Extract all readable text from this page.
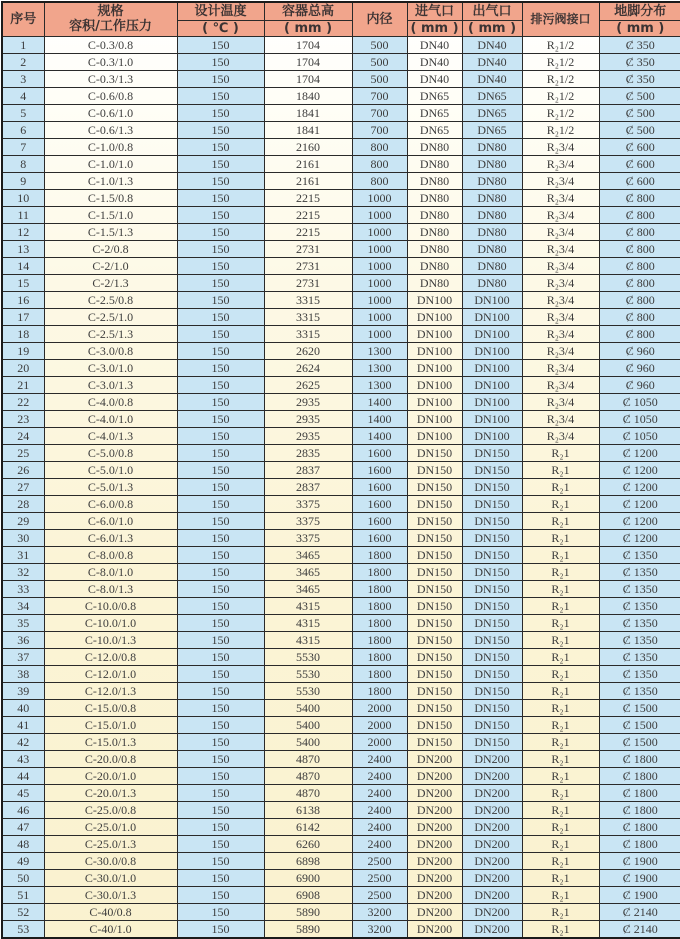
序号	规格
容积/工作压力	设计温度	容器总高	内径	进气口	出气口	排污阀接口	地脚分布
		( ℃ )	( mm )		( mm )	( mm )		( mm )
1	C-0.3/0.8	150	1704	500	DN40	DN40	R₂1/2	Ȼ 350
2	C-0.3/1.0	150	1704	500	DN40	DN40	R₂1/2	Ȼ 350
3	C-0.3/1.3	150	1704	500	DN40	DN40	R₂1/2	Ȼ 350
4	C-0.6/0.8	150	1840	700	DN65	DN65	R₂1/2	Ȼ 500
5	C-0.6/1.0	150	1841	700	DN65	DN65	R₂1/2	Ȼ 500
6	C-0.6/1.3	150	1841	700	DN65	DN65	R₂1/2	Ȼ 500
7	C-1.0/0.8	150	2160	800	DN80	DN80	R₂3/4	Ȼ 600
8	C-1.0/1.0	150	2161	800	DN80	DN80	R₂3/4	Ȼ 600
9	C-1.0/1.3	150	2161	800	DN80	DN80	R₂3/4	Ȼ 600
10	C-1.5/0.8	150	2215	1000	DN80	DN80	R₂3/4	Ȼ 800
11	C-1.5/1.0	150	2215	1000	DN80	DN80	R₂3/4	Ȼ 800
12	C-1.5/1.3	150	2215	1000	DN80	DN80	R₂3/4	Ȼ 800
13	C-2/0.8	150	2731	1000	DN80	DN80	R₂3/4	Ȼ 800
14	C-2/1.0	150	2731	1000	DN80	DN80	R₂3/4	Ȼ 800
15	C-2/1.3	150	2731	1000	DN80	DN80	R₂3/4	Ȼ 800
16	C-2.5/0.8	150	3315	1000	DN100	DN100	R₂3/4	Ȼ 800
17	C-2.5/1.0	150	3315	1000	DN100	DN100	R₂3/4	Ȼ 800
18	C-2.5/1.3	150	3315	1000	DN100	DN100	R₂3/4	Ȼ 800
19	C-3.0/0.8	150	2620	1300	DN100	DN100	R₂3/4	Ȼ 960
20	C-3.0/1.0	150	2624	1300	DN100	DN100	R₂3/4	Ȼ 960
21	C-3.0/1.3	150	2625	1300	DN100	DN100	R₂3/4	Ȼ 960
22	C-4.0/0.8	150	2935	1400	DN100	DN100	R₂3/4	Ȼ 1050
23	C-4.0/1.0	150	2935	1400	DN100	DN100	R₂3/4	Ȼ 1050
24	C-4.0/1.3	150	2935	1400	DN100	DN100	R₂3/4	Ȼ 1050
25	C-5.0/0.8	150	2835	1600	DN150	DN150	R₂1	Ȼ 1200
26	C-5.0/1.0	150	2837	1600	DN150	DN150	R₂1	Ȼ 1200
27	C-5.0/1.3	150	2837	1600	DN150	DN150	R₂1	Ȼ 1200
28	C-6.0/0.8	150	3375	1600	DN150	DN150	R₂1	Ȼ 1200
29	C-6.0/1.0	150	3375	1600	DN150	DN150	R₂1	Ȼ 1200
30	C-6.0/1.3	150	3375	1600	DN150	DN150	R₂1	Ȼ 1200
31	C-8.0/0.8	150	3465	1800	DN150	DN150	R₂1	Ȼ 1350
32	C-8.0/1.0	150	3465	1800	DN150	DN150	R₂1	Ȼ 1350
33	C-8.0/1.3	150	3465	1800	DN150	DN150	R₂1	Ȼ 1350
34	C-10.0/0.8	150	4315	1800	DN150	DN150	R₂1	Ȼ 1350
35	C-10.0/1.0	150	4315	1800	DN150	DN150	R₂1	Ȼ 1350
36	C-10.0/1.3	150	4315	1800	DN150	DN150	R₂1	Ȼ 1350
37	C-12.0/0.8	150	5530	1800	DN150	DN150	R₂1	Ȼ 1350
38	C-12.0/1.0	150	5530	1800	DN150	DN150	R₂1	Ȼ 1350
39	C-12.0/1.3	150	5530	1800	DN150	DN150	R₂1	Ȼ 1350
40	C-15.0/0.8	150	5400	2000	DN150	DN150	R₂1	Ȼ 1500
41	C-15.0/1.0	150	5400	2000	DN150	DN150	R₂1	Ȼ 1500
42	C-15.0/1.3	150	5400	2000	DN150	DN150	R₂1	Ȼ 1500
43	C-20.0/0.8	150	4870	2400	DN200	DN200	R₂1	Ȼ 1800
44	C-20.0/1.0	150	4870	2400	DN200	DN200	R₂1	Ȼ 1800
45	C-20.0/1.3	150	4870	2400	DN200	DN200	R₂1	Ȼ 1800
46	C-25.0/0.8	150	6138	2400	DN200	DN200	R₂1	Ȼ 1800
47	C-25.0/1.0	150	6142	2400	DN200	DN200	R₂1	Ȼ 1800
48	C-25.0/1.3	150	6260	2400	DN200	DN200	R₂1	Ȼ 1800
49	C-30.0/0.8	150	6898	2500	DN200	DN200	R₂1	Ȼ 1900
50	C-30.0/1.0	150	6900	2500	DN200	DN200	R₂1	Ȼ 1900
51	C-30.0/1.3	150	6908	2500	DN200	DN200	R₂1	Ȼ 1900
52	C-40/0.8	150	5890	3200	DN200	DN200	R₂1	Ȼ 2140
53	C-40/1.0	150	5890	3200	DN200	DN200	R₂1	Ȼ 2140
